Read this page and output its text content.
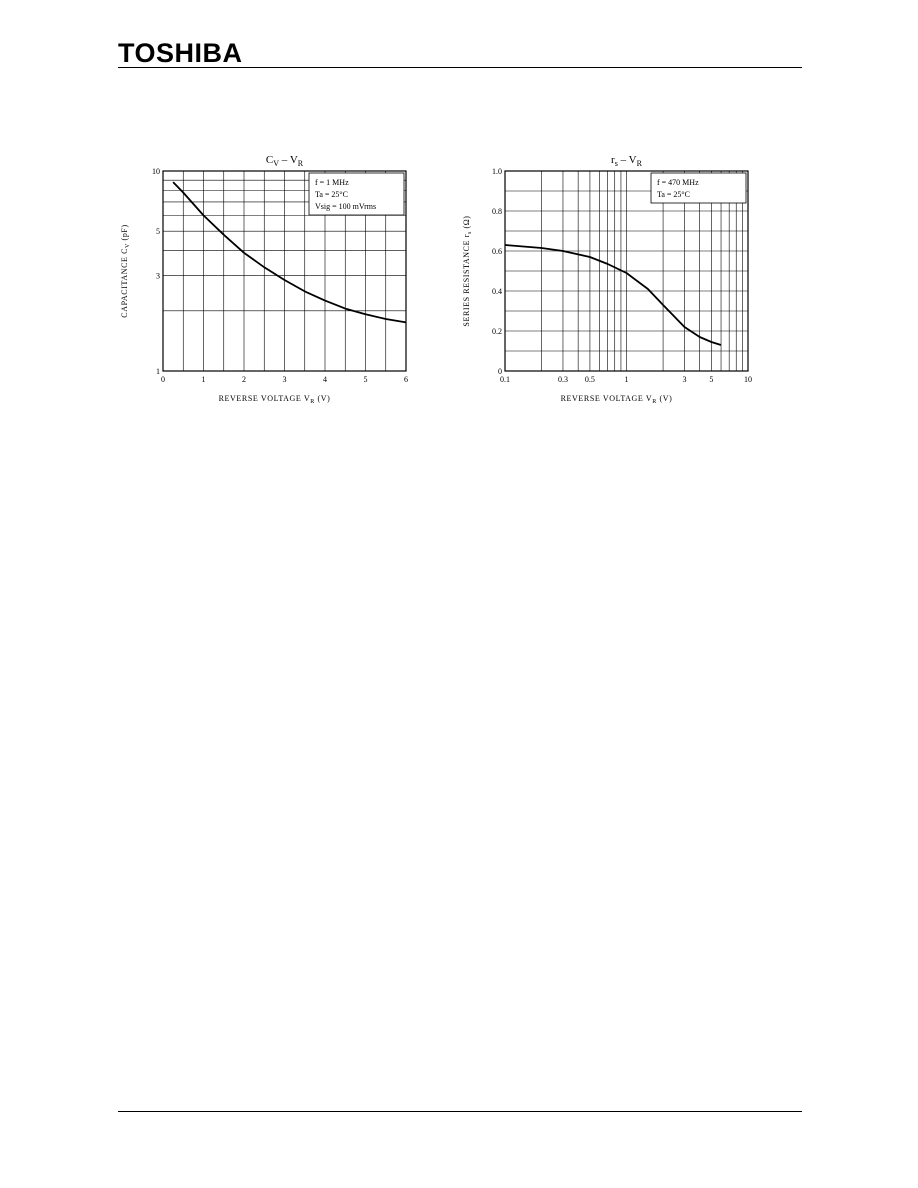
TOSHIBA
0	1	2	3	4	5	6
1
3
5
10
$C_V - V_R$
REVERSE VOLTAGE $V_R$ (V)
CAPACITANCE $C_V$ (pF)
f = 1 MHz
Ta = 25°C
Vsig = 100 mVrms
0.1	0.3 0.5	1	3	5	10
0
0.2
0.4
0.6
0.8
1.0
$r_s - V_R$
REVERSE VOLTAGE $V_R$ (V)
SERIES RESISTANCE $r_s$ (Ω)
f = 470 MHz
Ta = 25°C
